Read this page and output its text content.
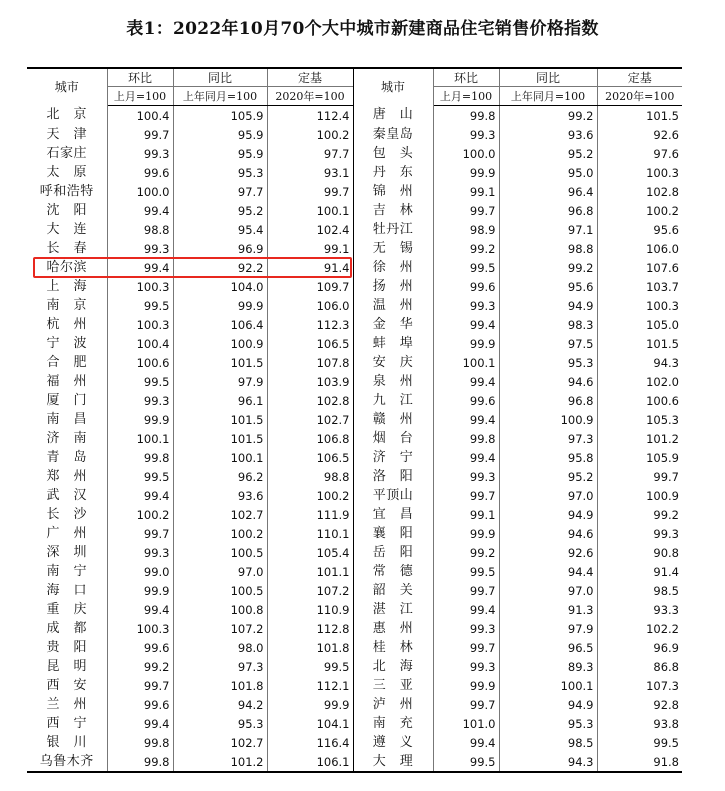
表1：2022年10月70个大中城市新建商品住宅销售价格指数
城市	环比	同比	定基	城市	环比	同比	定基
	上月=100	上年同月=100	2020年=100		上月=100	上年同月=100	2020年=100
北　京	100.4	105.9	112.4	唐　山	99.8	99.2	101.5
天　津	99.7	95.9	100.2	秦皇岛	99.3	93.6	92.6
石家庄	99.3	95.9	97.7	包　头	100.0	95.2	97.6
太　原	99.6	95.3	93.1	丹　东	99.9	95.0	100.3
呼和浩特	100.0	97.7	99.7	锦　州	99.1	96.4	102.8
沈　阳	99.4	95.2	100.1	吉　林	99.7	96.8	100.2
大　连	98.8	95.4	102.4	牡丹江	98.9	97.1	95.6
长　春	99.3	96.9	99.1	无　锡	99.2	98.8	106.0
哈尔滨	99.4	92.2	91.4	徐　州	99.5	99.2	107.6
上　海	100.3	104.0	109.7	扬　州	99.6	95.6	103.7
南　京	99.5	99.9	106.0	温　州	99.3	94.9	100.3
杭　州	100.3	106.4	112.3	金　华	99.4	98.3	105.0
宁　波	100.4	100.9	106.5	蚌　埠	99.9	97.5	101.5
合　肥	100.6	101.5	107.8	安　庆	100.1	95.3	94.3
福　州	99.5	97.9	103.9	泉　州	99.4	94.6	102.0
厦　门	99.3	96.1	102.8	九　江	99.6	96.8	100.6
南　昌	99.9	101.5	102.7	赣　州	99.4	100.9	105.3
济　南	100.1	101.5	106.8	烟　台	99.8	97.3	101.2
青　岛	99.8	100.1	106.5	济　宁	99.4	95.8	105.9
郑　州	99.5	96.2	98.8	洛　阳	99.3	95.2	99.7
武　汉	99.4	93.6	100.2	平顶山	99.7	97.0	100.9
长　沙	100.2	102.7	111.9	宜　昌	99.1	94.9	99.2
广　州	99.7	100.2	110.1	襄　阳	99.9	94.6	99.3
深　圳	99.3	100.5	105.4	岳　阳	99.2	92.6	90.8
南　宁	99.0	97.0	101.1	常　德	99.5	94.4	91.4
海　口	99.9	100.5	107.2	韶　关	99.7	97.0	98.5
重　庆	99.4	100.8	110.9	湛　江	99.4	91.3	93.3
成　都	100.3	107.2	112.8	惠　州	99.3	97.9	102.2
贵　阳	99.6	98.0	101.8	桂　林	99.7	96.5	96.9
昆　明	99.2	97.3	99.5	北　海	99.3	89.3	86.8
西　安	99.7	101.8	112.1	三　亚	99.9	100.1	107.3
兰　州	99.6	94.2	99.9	泸　州	99.7	94.9	92.8
西　宁	99.4	95.3	104.1	南　充	101.0	95.3	93.8
银　川	99.8	102.7	116.4	遵　义	99.4	98.5	99.5
乌鲁木齐	99.8	101.2	106.1	大　理	99.5	94.3	91.8
